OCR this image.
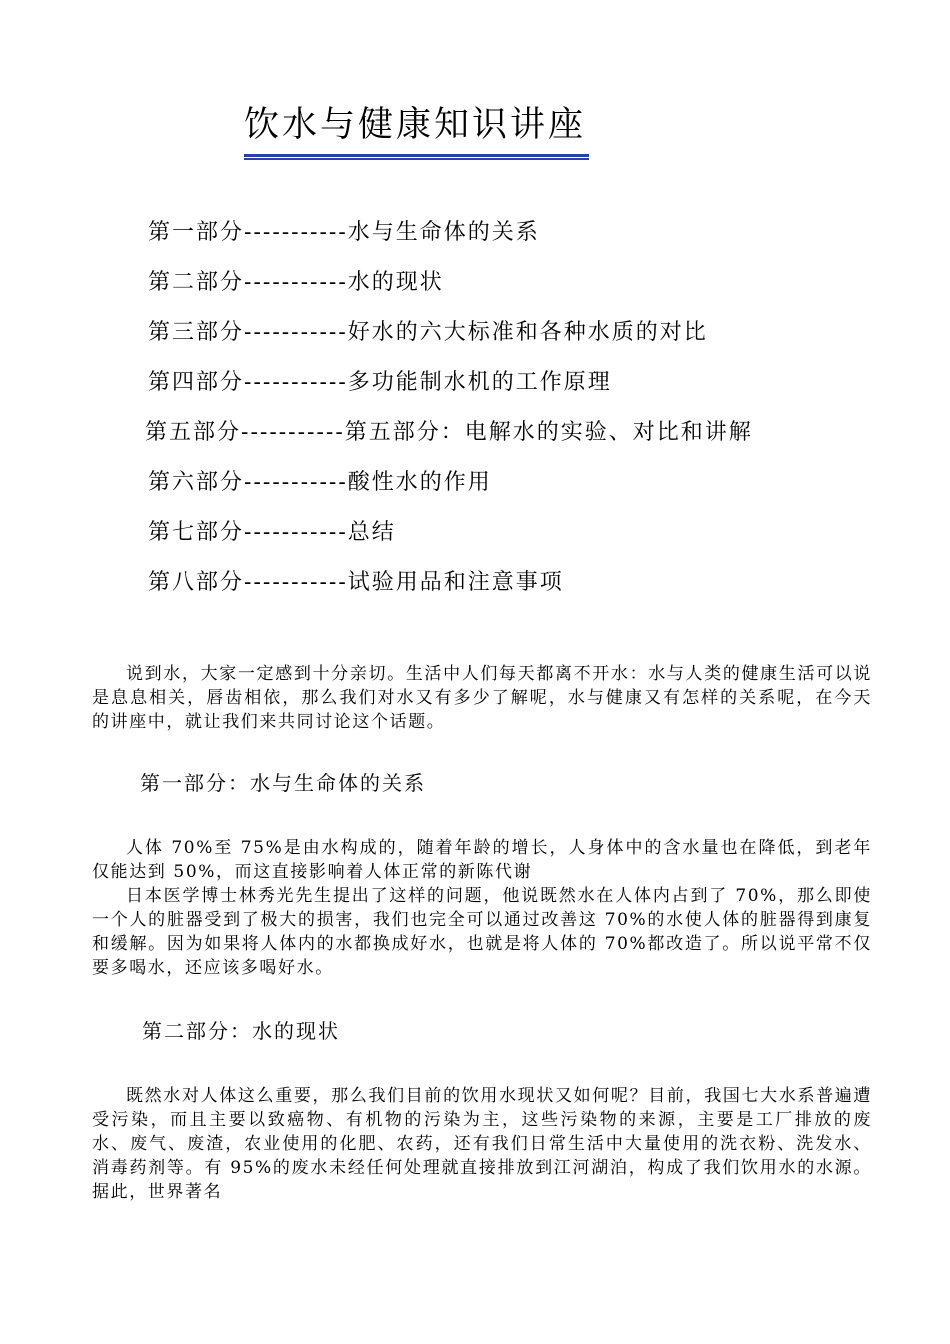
饮水与健康知识讲座
第一部分-----------水与生命体的关系
第二部分-----------水的现状
第三部分-----------好水的六大标准和各种水质的对比
第四部分-----------多功能制水机的工作原理
第五部分-----------第五部分：电解水的实验、对比和讲解
第六部分-----------酸性水的作用
第七部分-----------总结
第八部分-----------试验用品和注意事项

说到水，大家一定感到十分亲切。生活中人们每天都离不开水：水与人类的健康生活可以说是息息相关，唇齿相依，那么我们对水又有多少了解呢，水与健康又有怎样的关系呢，在今天的讲座中，就让我们来共同讨论这个话题。

第一部分：水与生命体的关系

人体 70%至 75%是由水构成的，随着年龄的增长，人身体中的含水量也在降低，到老年仅能达到 50%，而这直接影响着人体正常的新陈代谢

日本医学博士林秀光先生提出了这样的问题，他说既然水在人体内占到了 70%，那么即使一个人的脏器受到了极大的损害，我们也完全可以通过改善这 70%的水使人体的脏器得到康复和缓解。因为如果将人体内的水都换成好水，也就是将人体的 70%都改造了。所以说平常不仅要多喝水，还应该多喝好水。

第二部分：水的现状

既然水对人体这么重要，那么我们目前的饮用水现状又如何呢？目前，我国七大水系普遍遭受污染，而且主要以致癌物、有机物的污染为主，这些污染物的来源，主要是工厂排放的废水、废气、废渣，农业使用的化肥、农药，还有我们日常生活中大量使用的洗衣粉、洗发水、消毒药剂等。有 95%的废水未经任何处理就直接排放到江河湖泊，构成了我们饮用水的水源。据此，世界著名
